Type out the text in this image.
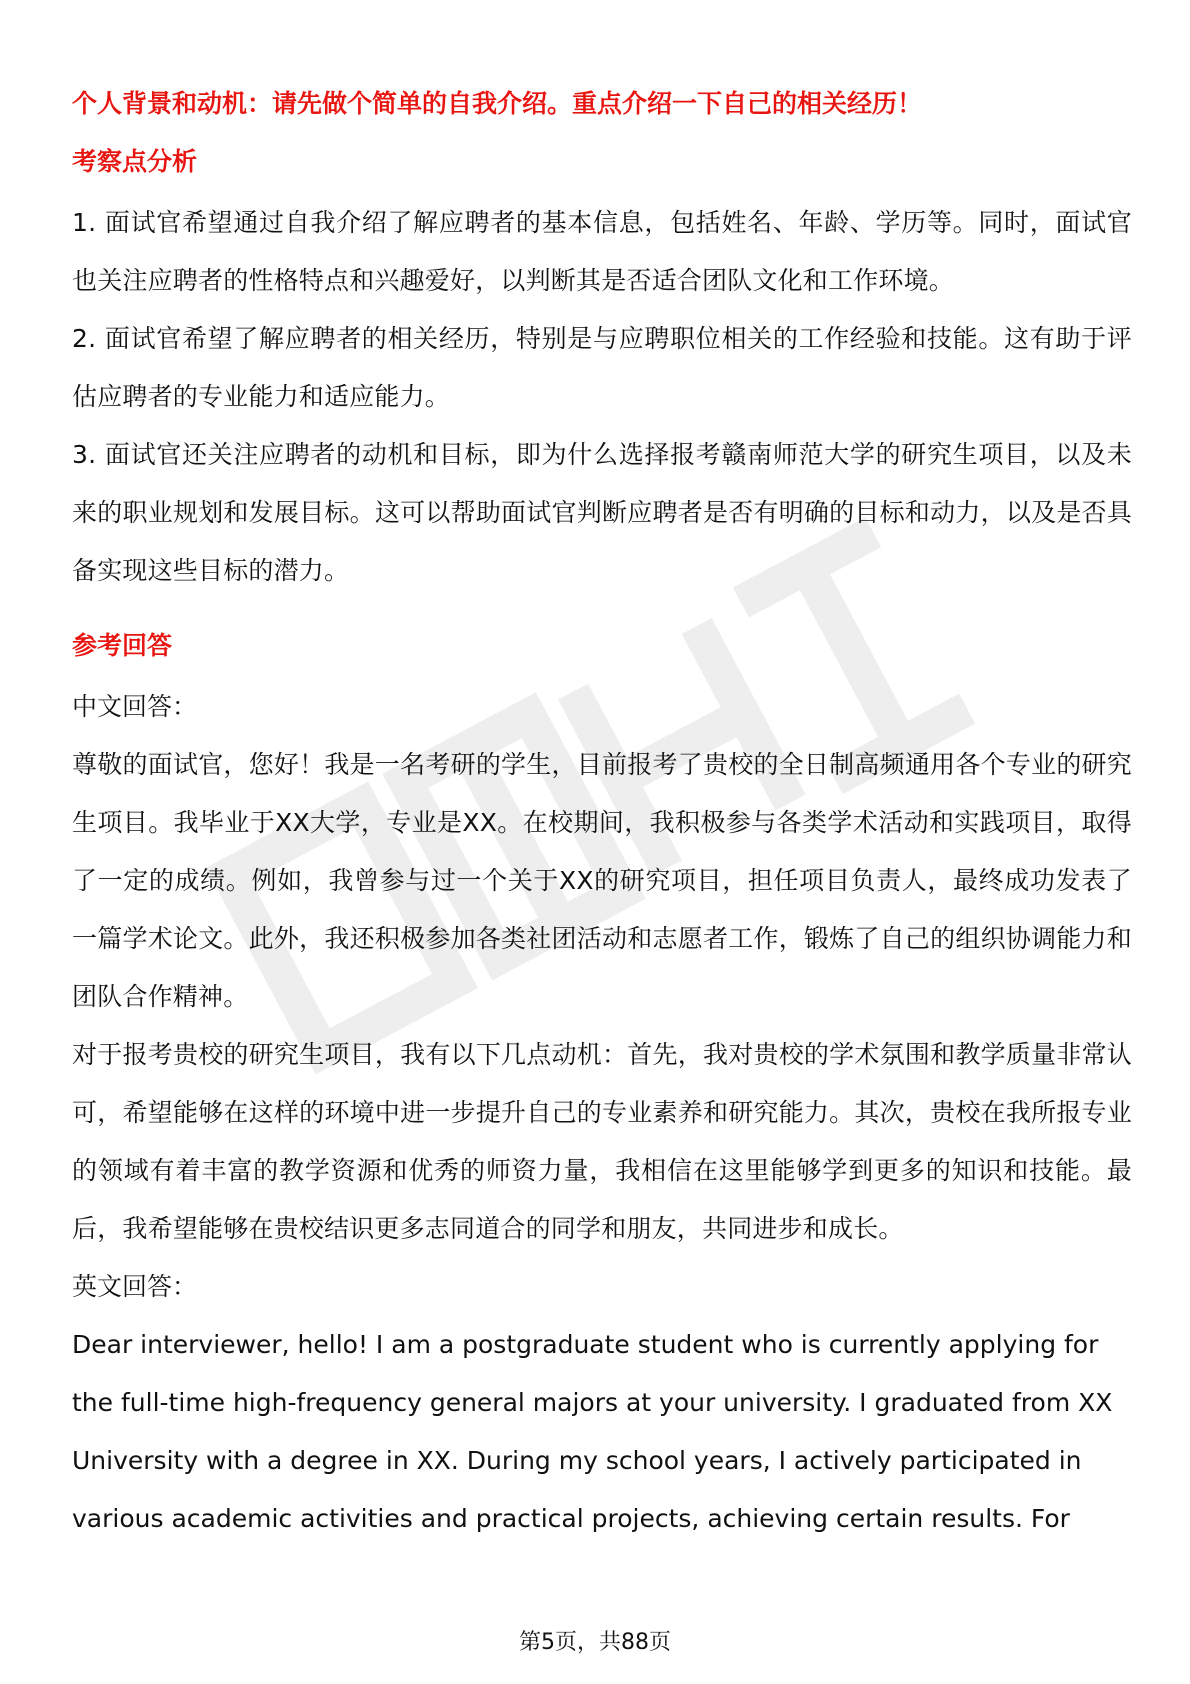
个人背景和动机：请先做个简单的自我介绍。重点介绍一下自己的相关经历！

考察点分析

1. 面试官希望通过自我介绍了解应聘者的基本信息，包括姓名、年龄、学历等。同时，面试官也关注应聘者的性格特点和兴趣爱好，以判断其是否适合团队文化和工作环境。

2. 面试官希望了解应聘者的相关经历，特别是与应聘职位相关的工作经验和技能。这有助于评估应聘者的专业能力和适应能力。

3. 面试官还关注应聘者的动机和目标，即为什么选择报考赣南师范大学的研究生项目，以及未来的职业规划和发展目标。这可以帮助面试官判断应聘者是否有明确的目标和动力，以及是否具备实现这些目标的潜力。

参考回答

中文回答：

尊敬的面试官，您好！我是一名考研的学生，目前报考了贵校的全日制高频通用各个专业的研究生项目。我毕业于XX大学，专业是XX。在校期间，我积极参与各类学术活动和实践项目，取得了一定的成绩。例如，我曾参与过一个关于XX的研究项目，担任项目负责人，最终成功发表了一篇学术论文。此外，我还积极参加各类社团活动和志愿者工作，锻炼了自己的组织协调能力和团队合作精神。

对于报考贵校的研究生项目，我有以下几点动机：首先，我对贵校的学术氛围和教学质量非常认可，希望能够在这样的环境中进一步提升自己的专业素养和研究能力。其次，贵校在我所报专业的领域有着丰富的教学资源和优秀的师资力量，我相信在这里能够学到更多的知识和技能。最后，我希望能够在贵校结识更多志同道合的同学和朋友，共同进步和成长。

英文回答：

Dear interviewer, hello! I am a postgraduate student who is currently applying for the full-time high-frequency general majors at your university. I graduated from XX University with a degree in XX. During my school years, I actively participated in various academic activities and practical projects, achieving certain results. For

第5页，共88页
